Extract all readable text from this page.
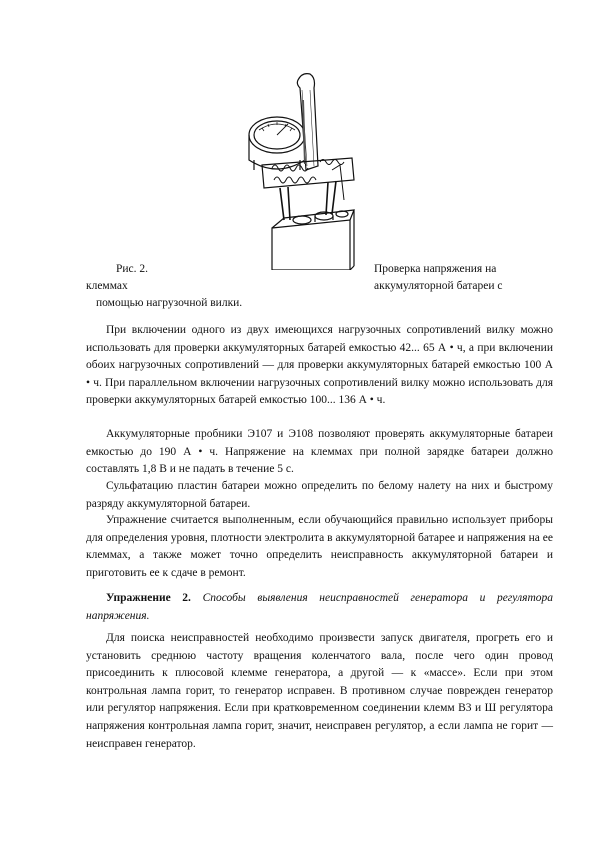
Рис. 2.	Проверка напряжения на
клеммах	аккумуляторной батареи с
помощью нагрузочной вилки.

При включении одного из двух имеющихся нагрузочных сопротивлений вилку можно использовать для проверки аккумуляторных батарей емкостью 42... 65 А • ч, а при включении обоих нагрузочных сопротивлений — для проверки аккумуляторных батарей емкостью 100 А • ч. При параллельном включении нагрузочных сопротивлений вилку можно использовать для проверки аккумуляторных батарей емкостью 100... 136 А • ч.

Аккумуляторные пробники Э107 и Э108 позволяют проверять аккумуляторные батареи емкостью до 190 А • ч. Напряжение на клеммах при полной зарядке батареи должно составлять 1,8 В и не падать в течение 5 с.

Сульфатацию пластин батареи можно определить по белому налету на них и быстрому разряду аккумуляторной батареи.

Упражнение считается выполненным, если обучающийся правильно использует приборы для определения уровня, плотности электролита в аккумуляторной батарее и напряжения на ее клеммах, а также может точно определить неисправность аккумуляторной батареи и приготовить ее к сдаче в ремонт.

Упражнение 2. Способы выявления неисправностей генератора и регулятора напряжения.

Для поиска неисправностей необходимо произвести запуск двигателя, прогреть его и установить среднюю частоту вращения коленчатого вала, после чего один провод присоединить к плюсовой клемме генератора, а другой — к «массе». Если при этом контрольная лампа горит, то генератор исправен. В противном случае поврежден генератор или регулятор напряжения. Если при кратковременном соединении клемм В3 и Ш регулятора напряжения контрольная лампа горит, значит, неисправен регулятор, а если лампа не горит — неисправен генератор.
